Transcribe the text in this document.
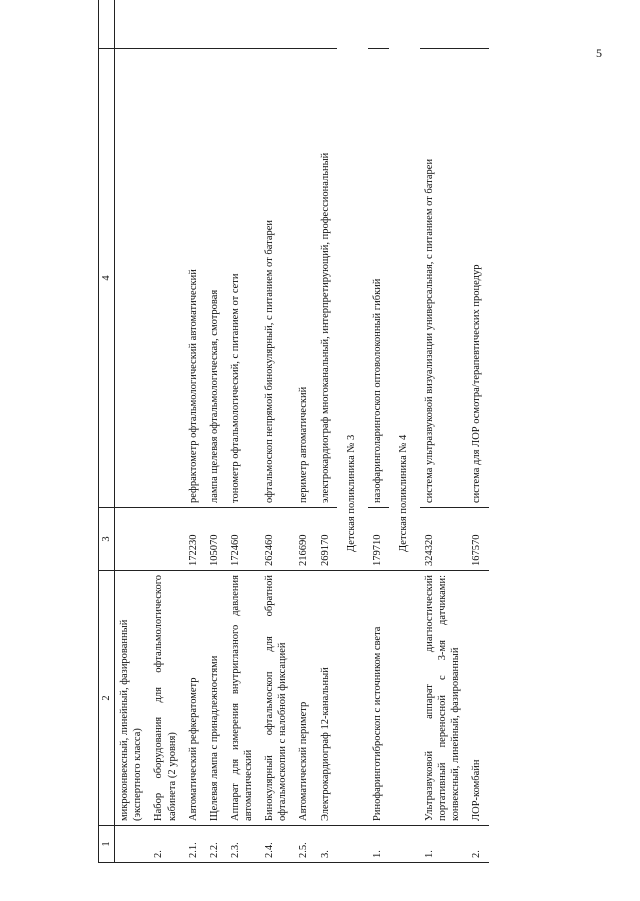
5
1	2	3	4	
	микроконвексный, линейный, фазированный (экспертного класса)			
2.	Набор оборудования для офтальмологического кабинета (2 уровня)			
2.1.	Автоматический рефкератометр	172230	рефрактометр офтальмологический автоматический	
2.2.	Щелевая лампа с принадлежностями	105070	лампа щелевая офтальмологическая, смотровая	
2.3.	Аппарат для измерения внутриглазного давления автоматический	172460	тонометр офтальмологический, с питанием от сети	
2.4.	Бинокулярный офтальмоскоп для обратной офтальмоскопии с налобной фиксацией	262460	офтальмоскоп непрямой бинокулярный, с питанием от батареи	
2.5.	Автоматический периметр	216690	периметр автоматический	
3.	Электрокардиограф 12-канальный	269170	электрокардиограф многоканальный, интерпретирующий, профессиональный	
		Детская поликлиника № 3		
1.	Ринофаринготиброскоп с источником света	179710	назофаринголарингоскоп оптоволоконный гибкий	
		Детская поликлиника № 4		
1.	Ультразвуковой аппарат диагностический портативный переносной с 3-мя датчиками: конвексный, линейный, фазированный	324320	система ультразвуковой визуализации универсальная, с питанием от батареи	
2.	ЛОР-комбайн	167570	система для ЛОР осмотра/терапевтических процедур	
